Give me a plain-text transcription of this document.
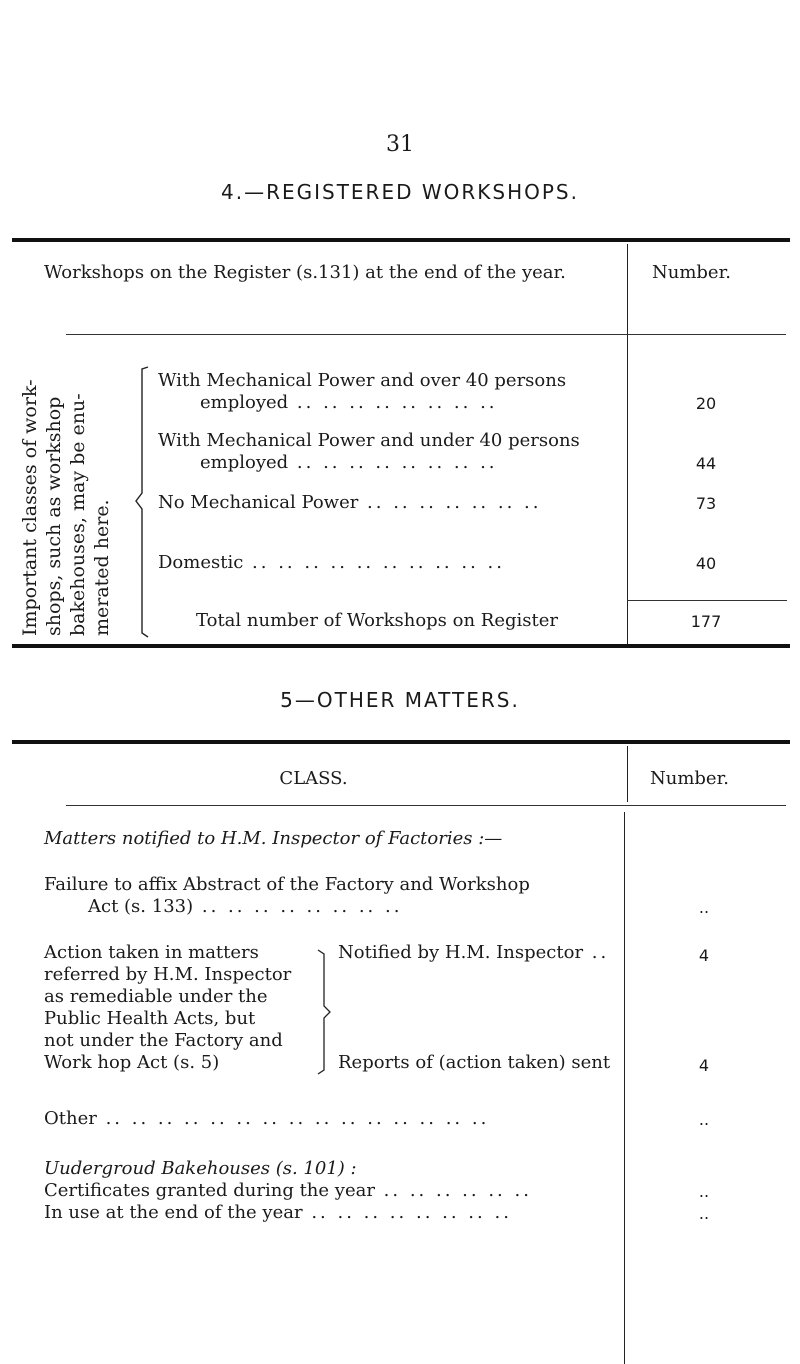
31
4.—REGISTERED WORKSHOPS.
Workshops on the Register (s.131) at the end of the year.	Number.
Important classes of work- shops, such as workshop bakehouses, may be enu- merated here.
With Mechanical Power and over 40 persons
employed .. .. .. .. .. .. .. ..	20
With Mechanical Power and under 40 persons
employed .. .. .. .. .. .. .. ..	44
No Mechanical Power .. .. .. .. .. .. ..	73
Domestic .. .. .. .. .. .. .. .. .. ..	40
Total number of Workshops on Register	177
5—OTHER MATTERS.
CLASS.	Number.
Matters notified to H.M. Inspector of Factories :—
Failure to affix Abstract of the Factory and Workshop
Act (s. 133) .. .. .. .. .. .. .. ..	..
Action taken in matters
referred by H.M. Inspector
as remediable under the
Public Health Acts, but
not under the Factory and
Work hop Act (s. 5)
Notified by H.M. Inspector ..	4
Reports of (action taken) sent	4
Other .. .. .. .. .. .. .. .. .. .. .. .. .. .. ..	..
Uudergroud Bakehouses (s. 101) :
Certificates granted during the year .. .. .. .. .. ..	..
In use at the end of the year .. .. .. .. .. .. .. ..	..
